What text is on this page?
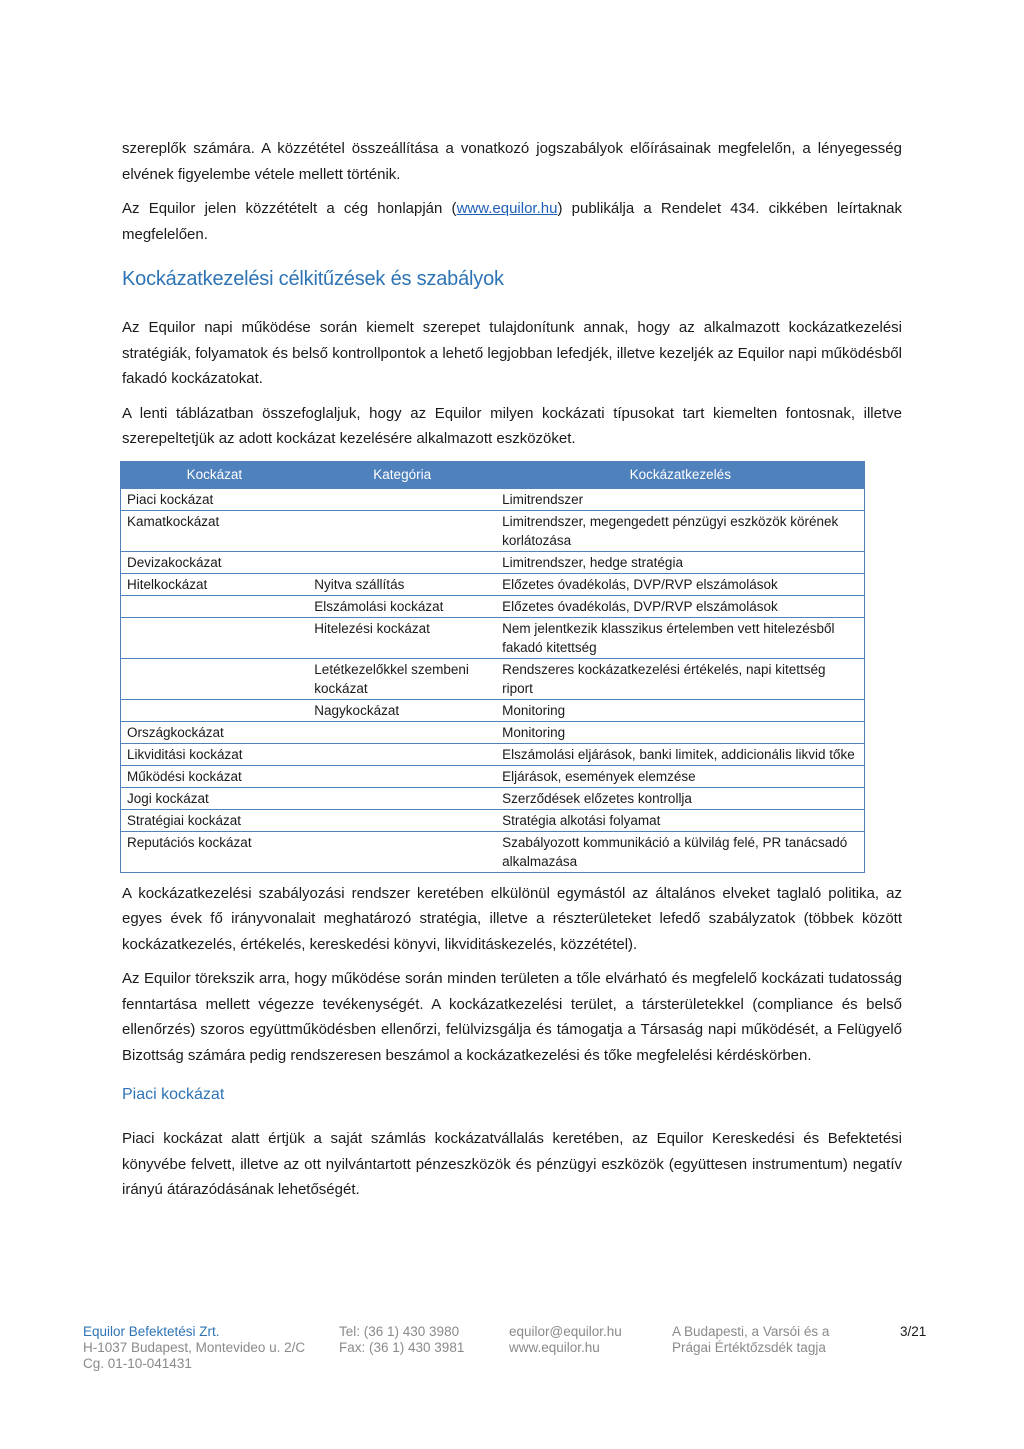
szereplők számára. A közzététel összeállítása a vonatkozó jogszabályok előírásainak megfelelőn, a lényegesség elvének figyelembe vétele mellett történik.

Az Equilor jelen közzétételt a cég honlapján (www.equilor.hu) publikálja a Rendelet 434. cikkében leírtaknak megfelelően.

Kockázatkezelési célkitűzések és szabályok

Az Equilor napi működése során kiemelt szerepet tulajdonítunk annak, hogy az alkalmazott kockázatkezelési stratégiák, folyamatok és belső kontrollpontok a lehető legjobban lefedjék, illetve kezeljék az Equilor napi működésből fakadó kockázatokat.

A lenti táblázatban összefoglaljuk, hogy az Equilor milyen kockázati típusokat tart kiemelten fontosnak, illetve szerepeltetjük az adott kockázat kezelésére alkalmazott eszközöket.

Kockázat	Kategória	Kockázatkezelés
Piaci kockázat		Limitrendszer
Kamatkockázat		Limitrendszer, megengedett pénzügyi eszközök körének korlátozása
Devizakockázat		Limitrendszer, hedge stratégia
Hitelkockázat	Nyitva szállítás	Előzetes óvadékolás, DVP/RVP elszámolások
	Elszámolási kockázat	Előzetes óvadékolás, DVP/RVP elszámolások
	Hitelezési kockázat	Nem jelentkezik klasszikus értelemben vett hitelezésből fakadó kitettség
	Letétkezelőkkel szembeni kockázat	Rendszeres kockázatkezelési értékelés, napi kitettség riport
	Nagykockázat	Monitoring
Országkockázat		Monitoring
Likviditási kockázat		Elszámolási eljárások, banki limitek, addicionális likvid tőke
Működési kockázat		Eljárások, események elemzése
Jogi kockázat		Szerződések előzetes kontrollja
Stratégiai kockázat		Stratégia alkotási folyamat
Reputációs kockázat		Szabályozott kommunikáció a külvilág felé, PR tanácsadó alkalmazása

A kockázatkezelési szabályozási rendszer keretében elkülönül egymástól az általános elveket taglaló politika, az egyes évek fő irányvonalait meghatározó stratégia, illetve a részterületeket lefedő szabályzatok (többek között kockázatkezelés, értékelés, kereskedési könyvi, likviditáskezelés, közzététel).

Az Equilor törekszik arra, hogy működése során minden területen a tőle elvárható és megfelelő kockázati tudatosság fenntartása mellett végezze tevékenységét. A kockázatkezelési terület, a társterületekkel (compliance és belső ellenőrzés) szoros együttműködésben ellenőrzi, felülvizsgálja és támogatja a Társaság napi működését, a Felügyelő Bizottság számára pedig rendszeresen beszámol a kockázatkezelési és tőke megfelelési kérdéskörben.

Piaci kockázat

Piaci kockázat alatt értjük a saját számlás kockázatvállalás keretében, az Equilor Kereskedési és Befektetési könyvébe felvett, illetve az ott nyilvántartott pénzeszközök és pénzügyi eszközök (együttesen instrumentum) negatív irányú átárazódásának lehetőségét.

Equilor Befektetési Zrt.
H-1037 Budapest, Montevideo u. 2/C
Cg. 01-10-041431
Tel: (36 1) 430 3980
Fax: (36 1) 430 3981
equilor@equilor.hu
www.equilor.hu
A Budapesti, a Varsói és a
Prágai Értéktőzsdék tagja
3/21
